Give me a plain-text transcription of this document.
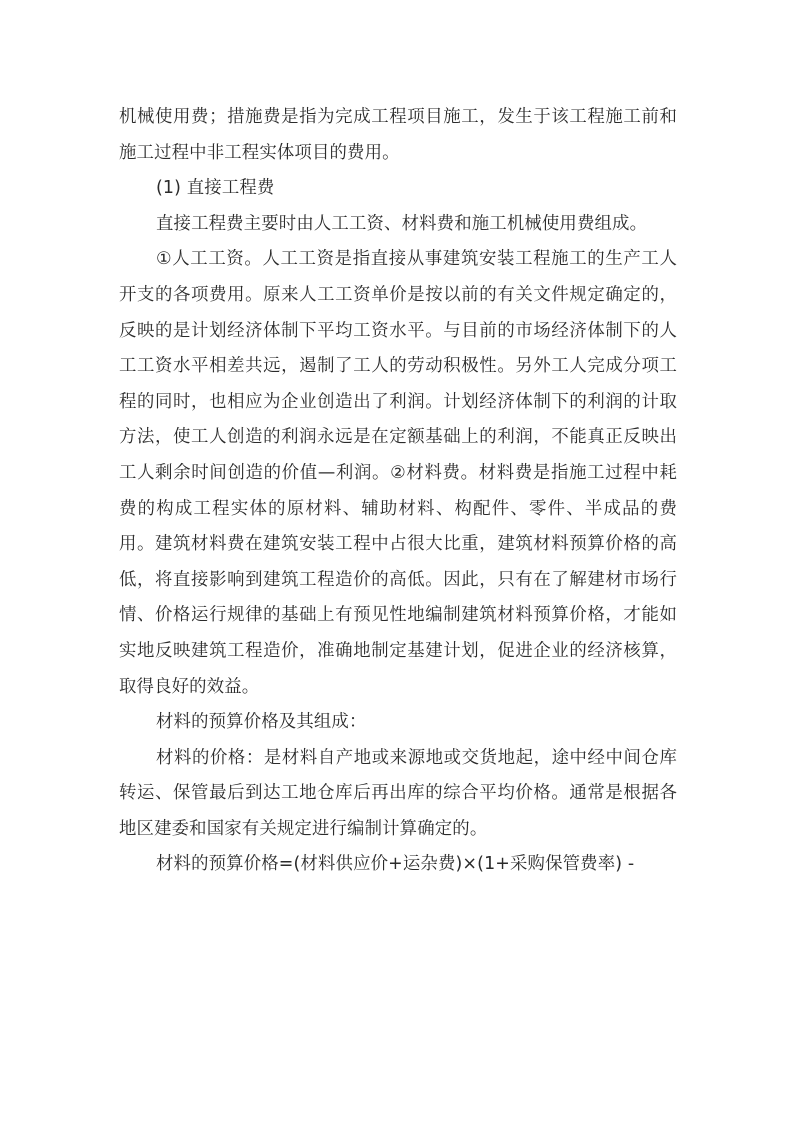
机械使用费；措施费是指为完成工程项目施工，发生于该工程施工前和施工过程中非工程实体项目的费用。

(1) 直接工程费

直接工程费主要时由人工工资、材料费和施工机械使用费组成。

①人工工资。人工工资是指直接从事建筑安装工程施工的生产工人开支的各项费用。原来人工工资单价是按以前的有关文件规定确定的，反映的是计划经济体制下平均工资水平。与目前的市场经济体制下的人工工资水平相差共远，遏制了工人的劳动积极性。另外工人完成分项工程的同时，也相应为企业创造出了利润。计划经济体制下的利润的计取方法，使工人创造的利润永远是在定额基础上的利润，不能真正反映出工人剩余时间创造的价值—利润。②材料费。材料费是指施工过程中耗费的构成工程实体的原材料、辅助材料、构配件、零件、半成品的费用。建筑材料费在建筑安装工程中占很大比重，建筑材料预算价格的高低，将直接影响到建筑工程造价的高低。因此，只有在了解建材市场行情、价格运行规律的基础上有预见性地编制建筑材料预算价格，才能如实地反映建筑工程造价，准确地制定基建计划，促进企业的经济核算，取得良好的效益。

材料的预算价格及其组成：

材料的价格：是材料自产地或来源地或交货地起，途中经中间仓库转运、保管最后到达工地仓库后再出库的综合平均价格。通常是根据各地区建委和国家有关规定进行编制计算确定的。

材料的预算价格=(材料供应价+运杂费)×(1+采购保管费率) -
